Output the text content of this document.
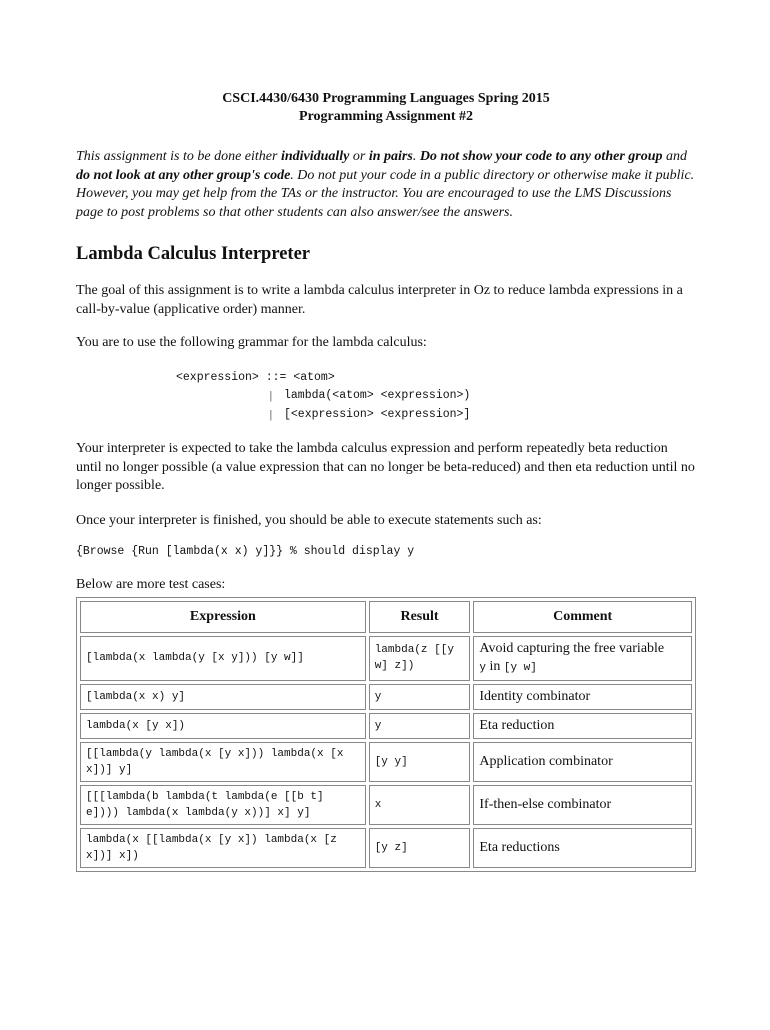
CSCI.4430/6430 Programming Languages Spring 2015
Programming Assignment #2

This assignment is to be done either individually or in pairs. Do not show your code to any other group and do not look at any other group's code. Do not put your code in a public directory or otherwise make it public. However, you may get help from the TAs or the instructor. You are encouraged to use the LMS Discussions page to post problems so that other students can also answer/see the answers.

Lambda Calculus Interpreter

The goal of this assignment is to write a lambda calculus interpreter in Oz to reduce lambda expressions in a call-by-value (applicative order) manner.

You are to use the following grammar for the lambda calculus:

<expression> ::= <atom>
|	lambda(<atom> <expression>)
|	[<expression> <expression>]

Your interpreter is expected to take the lambda calculus expression and perform repeatedly beta reduction until no longer possible (a value expression that can no longer be beta-reduced) and then eta reduction until no longer possible.

Once your interpreter is finished, you should be able to execute statements such as:

{Browse {Run [lambda(x x) y]}} % should display y

Below are more test cases:

Expression	Result	Comment
[lambda(x lambda(y [x y])) [y w]]	lambda(z [[y w] z])	Avoid capturing the free variable
y in [y w]
[lambda(x x) y]	y	Identity combinator
lambda(x [y x])	y	Eta reduction
[[lambda(y lambda(x [y x])) lambda(x [x x])] y]	[y y]	Application combinator
[[[lambda(b lambda(t lambda(e [[b t] e]))) lambda(x lambda(y x))] x] y]	x	If-then-else combinator
lambda(x [[lambda(x [y x]) lambda(x [z x])] x])	[y z]	Eta reductions
